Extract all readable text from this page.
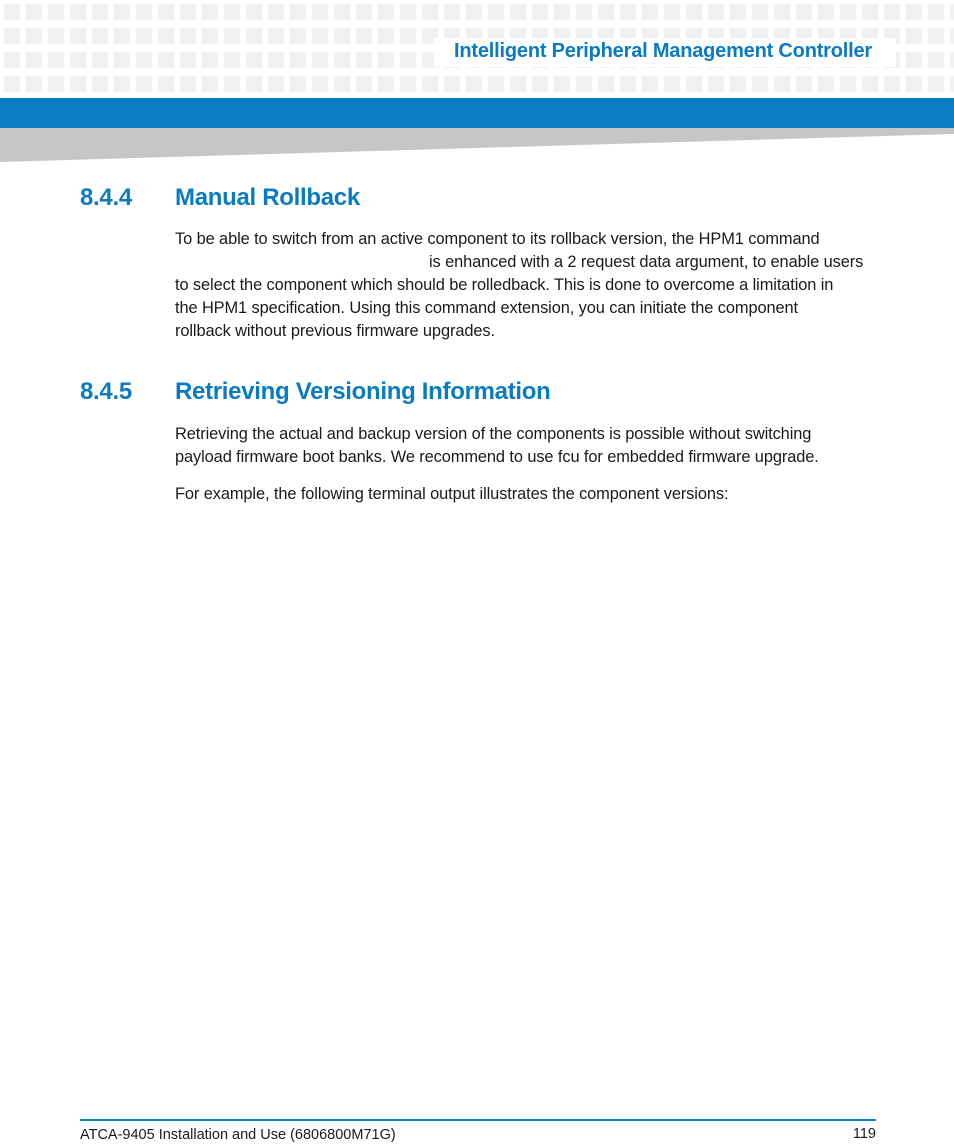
Intelligent Peripheral Management Controller
8.4.4 Manual Rollback

To be able to switch from an active component to its rollback version, the HPM1 command
is enhanced with a 2 request data argument, to enable users
to select the component which should be rolledback. This is done to overcome a limitation in
the HPM1 specification. Using this command extension, you can initiate the component
rollback without previous firmware upgrades.

8.4.5 Retrieving Versioning Information

Retrieving the actual and backup version of the components is possible without switching
payload firmware boot banks. We recommend to use fcu for embedded firmware upgrade.

For example, the following terminal output illustrates the component versions:

ATCA-9405 Installation and Use (6806800M71G)	119
